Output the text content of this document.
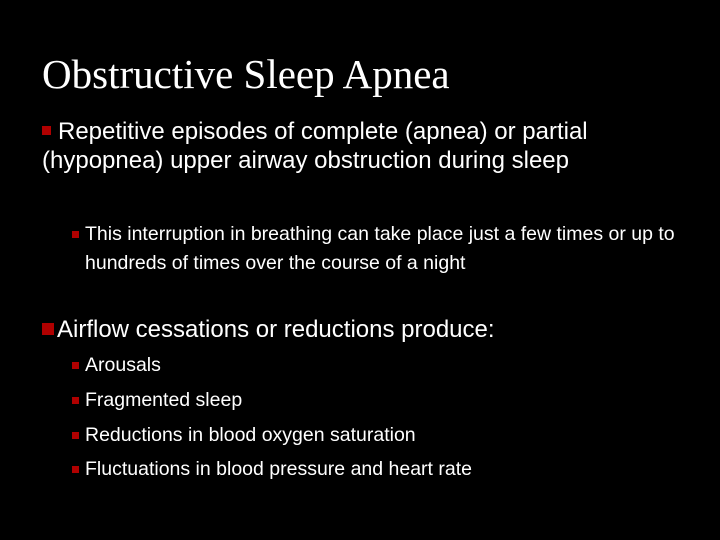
Obstructive Sleep Apnea
Repetitive episodes of complete (apnea) or partial (hypopnea) upper airway obstruction during sleep
This interruption in breathing can take place just a few times or up to hundreds of times over the course of a night
Airflow cessations or reductions produce:
Arousals
Fragmented sleep
Reductions in blood oxygen saturation
Fluctuations in blood pressure and heart rate
